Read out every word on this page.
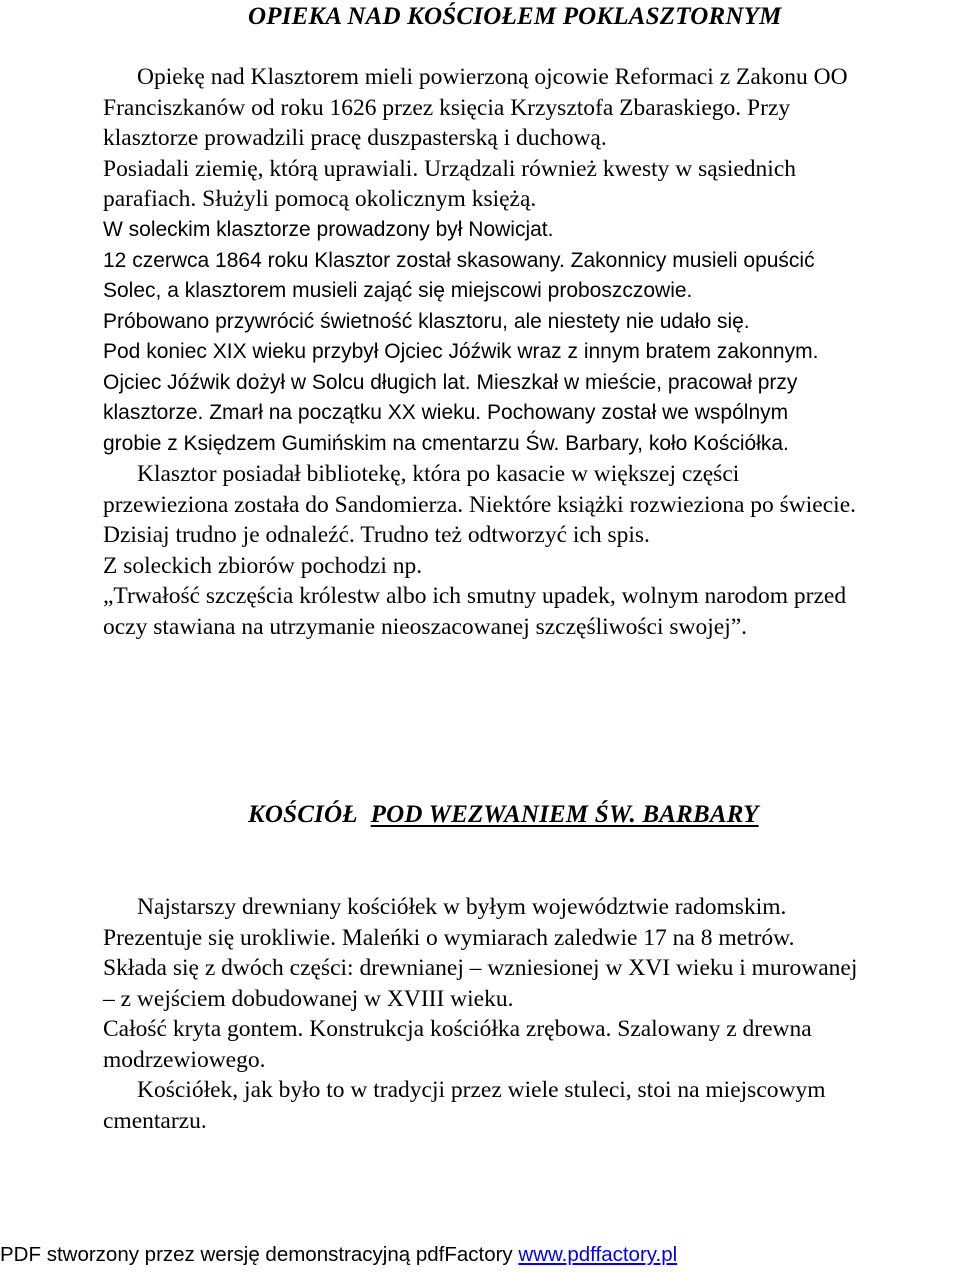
OPIEKA NAD KOŚCIOŁEM POKLASZTORNYM
Opiekę nad Klasztorem mieli powierzoną ojcowie Reformaci z Zakonu OO
Franciszkanów od roku 1626 przez księcia Krzysztofa Zbaraskiego. Przy
klasztorze prowadzili pracę duszpasterską i duchową.
Posiadali ziemię, którą uprawiali. Urządzali również kwesty w sąsiednich
parafiach. Służyli pomocą okolicznym księżą.
W soleckim klasztorze prowadzony był Nowicjat.
12 czerwca 1864 roku Klasztor został skasowany. Zakonnicy musieli opuścić
Solec, a klasztorem musieli zająć się miejscowi proboszczowie.
Próbowano przywrócić świetność klasztoru, ale niestety nie udało się.
Pod koniec XIX wieku przybył Ojciec Jóźwik wraz z innym bratem zakonnym.
Ojciec Jóźwik dożył w Solcu długich lat. Mieszkał w mieście, pracował przy
klasztorze. Zmarł na początku XX wieku. Pochowany został we wspólnym
grobie z Księdzem Gumińskim na cmentarzu Św. Barbary, koło Kościółka.
Klasztor posiadał bibliotekę, która po kasacie w większej części
przewieziona została do Sandomierza. Niektóre książki rozwieziona po świecie.
Dzisiaj trudno je odnaleźć. Trudno też odtworzyć ich spis.
Z soleckich zbiorów pochodzi np.
„Trwałość szczęścia królestw albo ich smutny upadek, wolnym narodom przed
oczy stawiana na utrzymanie nieoszacowanej szczęśliwości swojej”.
KOŚCIÓŁ POD WEZWANIEM ŚW. BARBARY
Najstarszy drewniany kościółek w byłym województwie radomskim.
Prezentuje się urokliwie. Maleńki o wymiarach zaledwie 17 na 8 metrów.
Składa się z dwóch części: drewnianej – wzniesionej w XVI wieku i murowanej
– z wejściem dobudowanej w XVIII wieku.
Całość kryta gontem. Konstrukcja kościółka zrębowa. Szalowany z drewna
modrzewiowego.
Kościółek, jak było to w tradycji przez wiele stuleci, stoi na miejscowym
cmentarzu.
PDF stworzony przez wersję demonstracyjną pdfFactory www.pdffactory.pl
